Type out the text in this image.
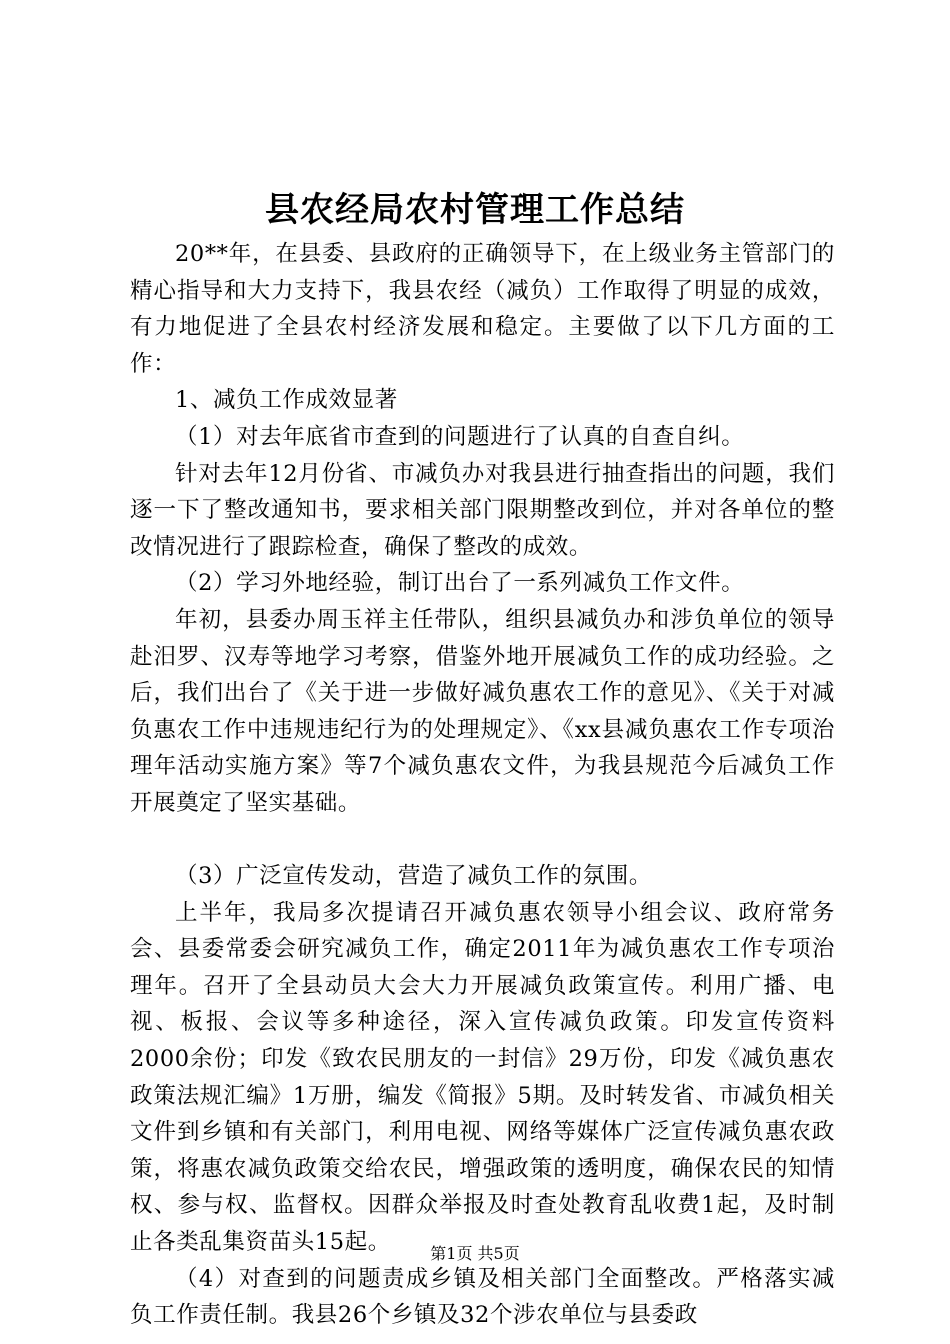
县农经局农村管理工作总结

20**年，在县委、县政府的正确领导下，在上级业务主管部门的精心指导和大力支持下，我县农经（减负）工作取得了明显的成效，有力地促进了全县农村经济发展和稳定。主要做了以下几方面的工作：

1、减负工作成效显著

（1）对去年底省市查到的问题进行了认真的自查自纠。

针对去年12月份省、市减负办对我县进行抽查指出的问题，我们逐一下了整改通知书，要求相关部门限期整改到位，并对各单位的整改情况进行了跟踪检查，确保了整改的成效。

（2）学习外地经验，制订出台了一系列减负工作文件。

年初，县委办周玉祥主任带队，组织县减负办和涉负单位的领导赴汨罗、汉寿等地学习考察，借鉴外地开展减负工作的成功经验。之后，我们出台了《关于进一步做好减负惠农工作的意见》、《关于对减负惠农工作中违规违纪行为的处理规定》、《xx县减负惠农工作专项治理年活动实施方案》等7个减负惠农文件，为我县规范今后减负工作开展奠定了坚实基础。

（3）广泛宣传发动，营造了减负工作的氛围。

上半年，我局多次提请召开减负惠农领导小组会议、政府常务会、县委常委会研究减负工作，确定2011年为减负惠农工作专项治理年。召开了全县动员大会大力开展减负政策宣传。利用广播、电视、板报、会议等多种途径，深入宣传减负政策。印发宣传资料2000余份；印发《致农民朋友的一封信》29万份，印发《减负惠农政策法规汇编》1万册，编发《简报》5期。及时转发省、市减负相关文件到乡镇和有关部门，利用电视、网络等媒体广泛宣传减负惠农政策，将惠农减负政策交给农民，增强政策的透明度，确保农民的知情权、参与权、监督权。因群众举报及时查处教育乱收费1起，及时制止各类乱集资苗头15起。

（4）对查到的问题责成乡镇及相关部门全面整改。严格落实减负工作责任制。我县26个乡镇及32个涉农单位与县委政

第1页 共5页
